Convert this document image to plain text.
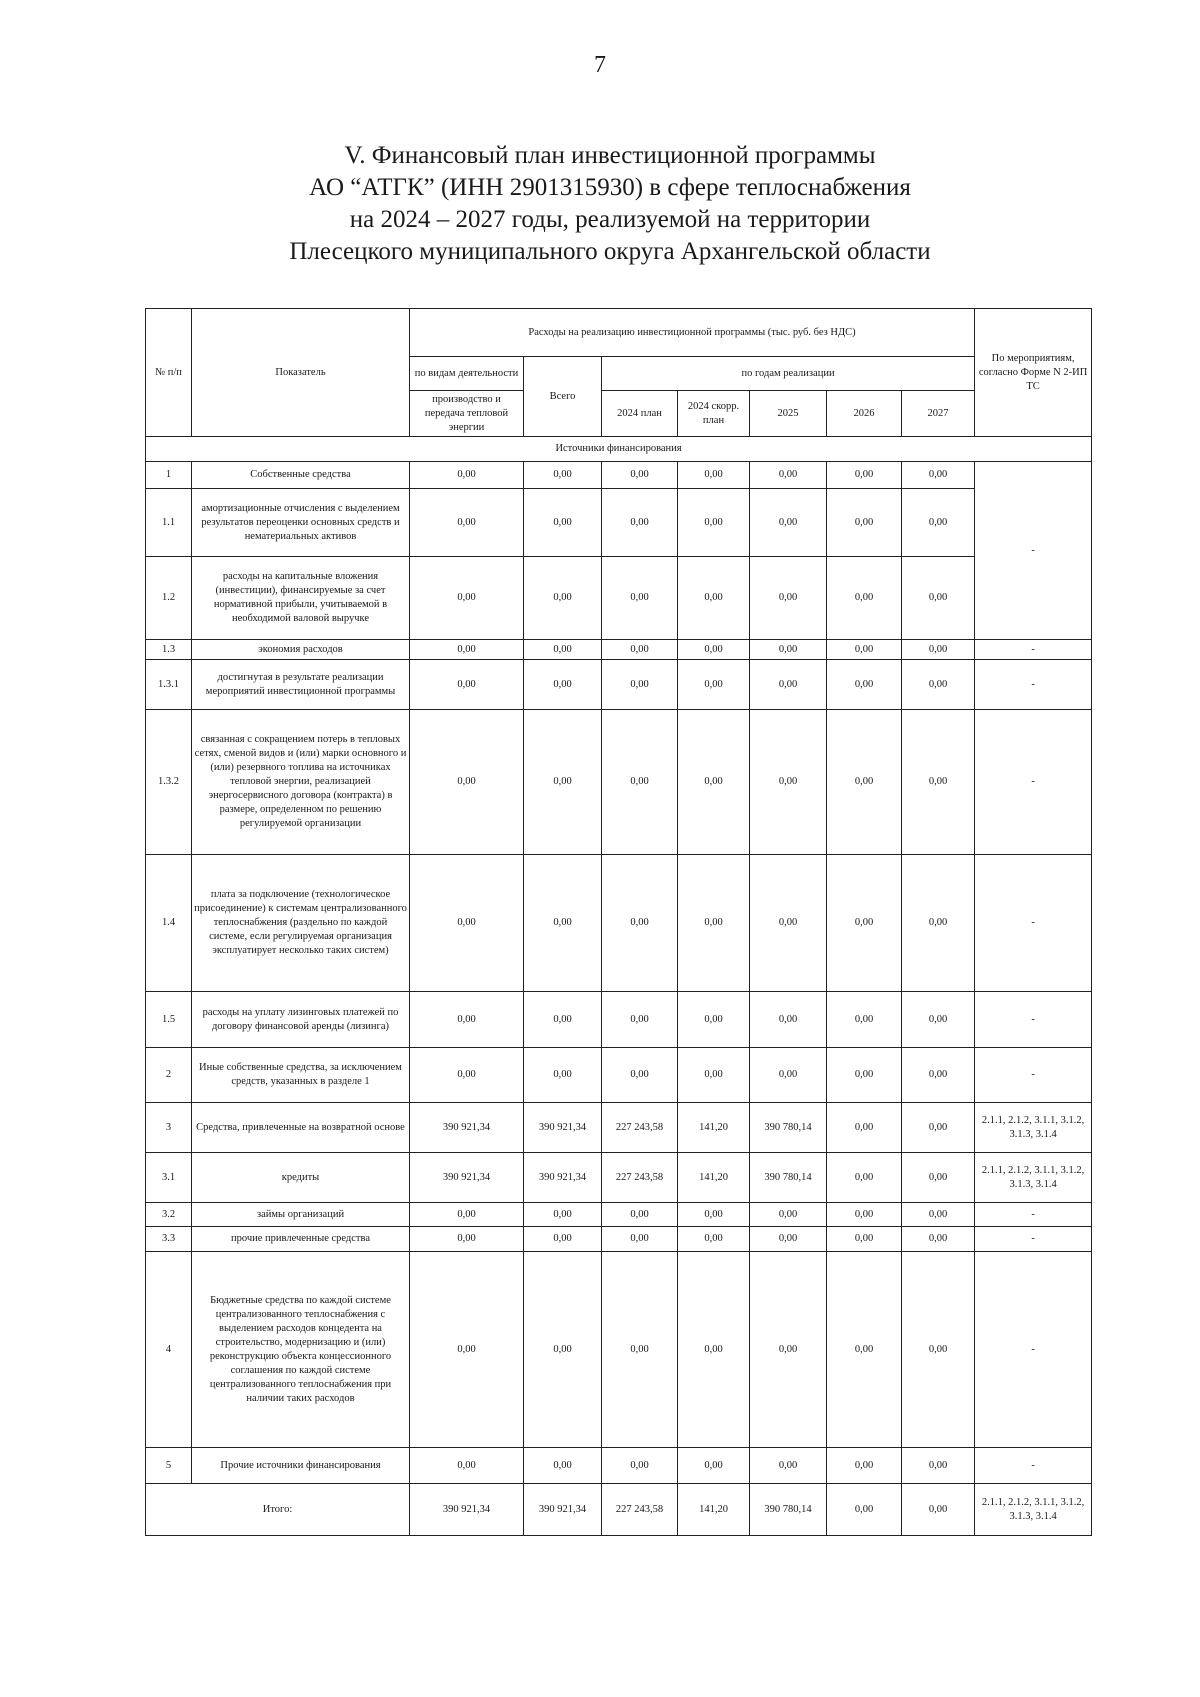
7
V. Финансовый план инвестиционной программы
АО “АТГК” (ИНН 2901315930) в сфере теплоснабжения
на 2024 – 2027 годы, реализуемой на территории
Плесецкого муниципального округа Архангельской области
№ п/п	Показатель	Расходы на реализацию инвестиционной программы (тыс. руб. без НДС)							По мероприятиям, согласно Форме N 2-ИП ТС
		по видам деятельности	Всего	по годам реализации					
		производство и передача тепловой энергии		2024 план	2024 скорр. план	2025	2026	2027	
Источники финансирования									
1	Собственные средства	0,00	0,00	0,00	0,00	0,00	0,00	0,00	-
1.1	амортизационные отчисления с выделением результатов переоценки основных средств и нематериальных активов	0,00	0,00	0,00	0,00	0,00	0,00	0,00	
1.2	расходы на капитальные вложения (инвестиции), финансируемые за счет нормативной прибыли, учитываемой в необходимой валовой выручке	0,00	0,00	0,00	0,00	0,00	0,00	0,00	
1.3	экономия расходов	0,00	0,00	0,00	0,00	0,00	0,00	0,00	-
1.3.1	достигнутая в результате реализации мероприятий инвестиционной программы	0,00	0,00	0,00	0,00	0,00	0,00	0,00	-
1.3.2	связанная с сокращением потерь в тепловых сетях, сменой видов и (или) марки основного и (или) резервного топлива на источниках тепловой энергии, реализацией энергосервисного договора (контракта) в размере, определенном по решению регулируемой организации	0,00	0,00	0,00	0,00	0,00	0,00	0,00	-
1.4	плата за подключение (технологическое присоединение) к системам централизованного теплоснабжения (раздельно по каждой системе, если регулируемая организация эксплуатирует несколько таких систем)	0,00	0,00	0,00	0,00	0,00	0,00	0,00	-
1.5	расходы на уплату лизинговых платежей по договору финансовой аренды (лизинга)	0,00	0,00	0,00	0,00	0,00	0,00	0,00	-
2	Иные собственные средства, за исключением средств, указанных в разделе 1	0,00	0,00	0,00	0,00	0,00	0,00	0,00	-
3	Средства, привлеченные на возвратной основе	390 921,34	390 921,34	227 243,58	141,20	390 780,14	0,00	0,00	2.1.1, 2.1.2, 3.1.1, 3.1.2, 3.1.3, 3.1.4
3.1	кредиты	390 921,34	390 921,34	227 243,58	141,20	390 780,14	0,00	0,00	2.1.1, 2.1.2, 3.1.1, 3.1.2, 3.1.3, 3.1.4
3.2	займы организаций	0,00	0,00	0,00	0,00	0,00	0,00	0,00	-
3.3	прочие привлеченные средства	0,00	0,00	0,00	0,00	0,00	0,00	0,00	-
4	Бюджетные средства по каждой системе централизованного теплоснабжения с выделением расходов концедента на строительство, модернизацию и (или) реконструкцию объекта концессионного соглашения по каждой системе централизованного теплоснабжения при наличии таких расходов	0,00	0,00	0,00	0,00	0,00	0,00	0,00	-
5	Прочие источники финансирования	0,00	0,00	0,00	0,00	0,00	0,00	0,00	-
Итого:		390 921,34	390 921,34	227 243,58	141,20	390 780,14	0,00	0,00	2.1.1, 2.1.2, 3.1.1, 3.1.2, 3.1.3, 3.1.4
